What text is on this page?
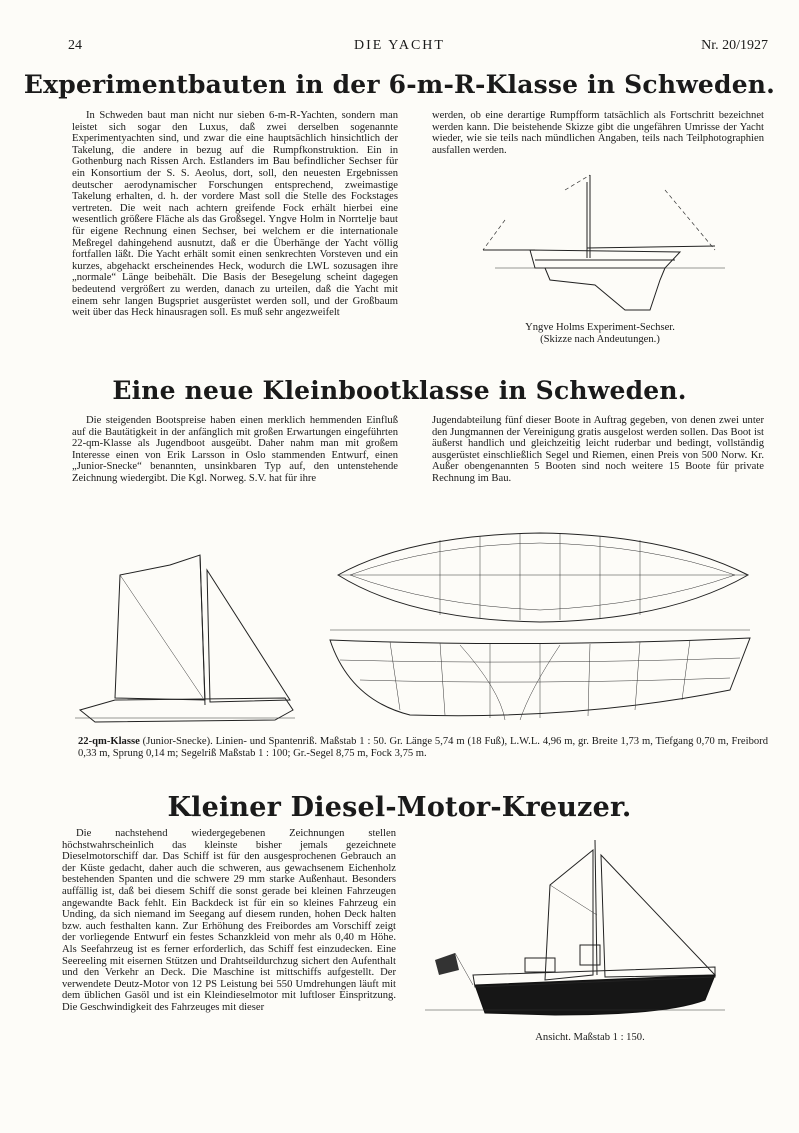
24	DIE YACHT	Nr. 20/1927
Experimentbauten in der 6-m-R-Klasse in Schweden.

In Schweden baut man nicht nur sieben 6-m-R-Yachten, sondern man leistet sich sogar den Luxus, daß zwei derselben sogenannte Experimentyachten sind, und zwar die eine hauptsächlich hinsichtlich der Takelung, die andere in bezug auf die Rumpfkonstruktion. Ein in Gothenburg nach Rissen Arch. Estlanders im Bau befindlicher Sechser für ein Konsortium der S. S. Aeolus, dort, soll, den neuesten Ergebnissen deutscher aerodynamischer Forschungen entsprechend, zweimastige Takelung erhalten, d. h. der vordere Mast soll die Stelle des Fockstages vertreten. Die weit nach achtern greifende Fock erhält hierbei eine wesentlich größere Fläche als das Großsegel. Yngve Holm in Norrtelje baut für eigene Rechnung einen Sechser, bei welchem er die internationale Meßregel dahingehend ausnutzt, daß er die Überhänge der Yacht völlig fortfallen läßt. Die Yacht erhält somit einen senkrechten Vorsteven und ein kurzes, abgehackt erscheinendes Heck, wodurch die LWL sozusagen ihre „normale“ Länge beibehält. Die Basis der Besegelung scheint dagegen bedeutend vergrößert zu werden, danach zu urteilen, daß die Yacht mit einem sehr langen Bugspriet ausgerüstet werden soll, und der Großbaum weit über das Heck hinausragen soll. Es muß sehr angezweifelt

werden, ob eine derartige Rumpfform tatsächlich als Fortschritt bezeichnet werden kann. Die beistehende Skizze gibt die ungefähren Umrisse der Yacht wieder, wie sie teils nach mündlichen Angaben, teils nach Teilphotographien ausfallen werden.

Yngve Holms Experiment-Sechser.
(Skizze nach Andeutungen.)
Eine neue Kleinbootklasse in Schweden.

Die steigenden Bootspreise haben einen merklich hemmenden Einfluß auf die Bautätigkeit in der anfänglich mit großen Erwartungen eingeführten 22-qm-Klasse als Jugendboot ausgeübt. Daher nahm man mit großem Interesse einen von Erik Larsson in Oslo stammenden Entwurf, einen „Junior-Snecke“ benannten, unsinkbaren Typ auf, den untenstehende Zeichnung wiedergibt. Die Kgl. Norweg. S.V. hat für ihre

Jugendabteilung fünf dieser Boote in Auftrag gegeben, von denen zwei unter den Jungmannen der Vereinigung gratis ausgelost werden sollen. Das Boot ist äußerst handlich und gleichzeitig leicht ruderbar und bedingt, vollständig ausgerüstet einschließlich Segel und Riemen, einen Preis von 500 Norw. Kr. Außer obengenannten 5 Booten sind noch weitere 15 Boote für private Rechnung im Bau.

22-qm-Klasse (Junior-Snecke). Linien- und Spantenriß. Maßstab 1 : 50. Gr. Länge 5,74 m (18 Fuß), L.W.L. 4,96 m, gr. Breite 1,73 m, Tiefgang 0,70 m, Freibord 0,33 m, Sprung 0,14 m; Segelriß Maßstab 1 : 100; Gr.-Segel 8,75 m, Fock 3,75 m.
Kleiner Diesel-Motor-Kreuzer.

Die nachstehend wiedergegebenen Zeichnungen stellen höchstwahrscheinlich das kleinste bisher jemals gezeichnete Dieselmotorschiff dar. Das Schiff ist für den ausgesprochenen Gebrauch an der Küste gedacht, daher auch die schweren, aus gewachsenem Eichenholz bestehenden Spanten und die schwere 29 mm starke Außenhaut. Besonders auffällig ist, daß bei diesem Schiff die sonst gerade bei kleinen Fahrzeugen angewandte Back fehlt. Ein Backdeck ist für ein so kleines Fahrzeug ein Unding, da sich niemand im Seegang auf diesem runden, hohen Deck halten bzw. auch festhalten kann. Zur Erhöhung des Freibordes am Vorschiff zeigt der vorliegende Entwurf ein festes Schanzkleid von mehr als 0,40 m Höhe. Als Seefahrzeug ist es ferner erforderlich, das Schiff fest einzudecken. Eine Seereeling mit eisernen Stützen und Drahtseildurchzug sichert den Aufenthalt und den Verkehr an Deck. Die Maschine ist mittschiffs aufgestellt. Der verwendete Deutz-Motor von 12 PS Leistung bei 550 Umdrehungen läuft mit dem üblichen Gasöl und ist ein Kleindieselmotor mit luftloser Einspritzung. Die Geschwindigkeit des Fahrzeuges mit dieser

Ansicht. Maßstab 1 : 150.
